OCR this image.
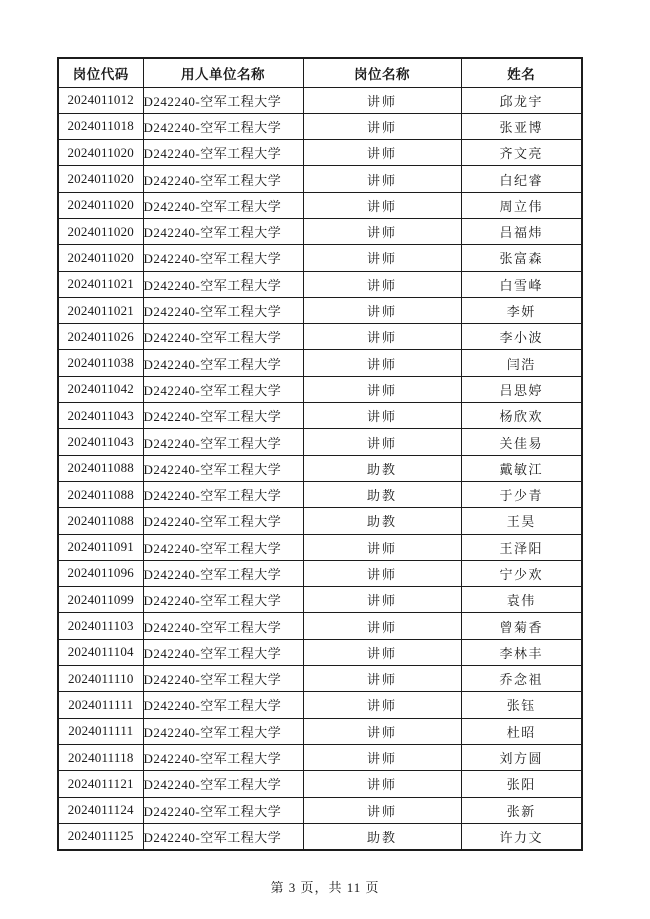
岗位代码	用人单位名称	岗位名称	姓名
2024011012	D242240-空军工程大学	讲师	邱龙宇
2024011018	D242240-空军工程大学	讲师	张亚博
2024011020	D242240-空军工程大学	讲师	齐文亮
2024011020	D242240-空军工程大学	讲师	白纪睿
2024011020	D242240-空军工程大学	讲师	周立伟
2024011020	D242240-空军工程大学	讲师	吕福炜
2024011020	D242240-空军工程大学	讲师	张富森
2024011021	D242240-空军工程大学	讲师	白雪峰
2024011021	D242240-空军工程大学	讲师	李妍
2024011026	D242240-空军工程大学	讲师	李小波
2024011038	D242240-空军工程大学	讲师	闫浩
2024011042	D242240-空军工程大学	讲师	吕思婷
2024011043	D242240-空军工程大学	讲师	杨欣欢
2024011043	D242240-空军工程大学	讲师	关佳易
2024011088	D242240-空军工程大学	助教	戴敏江
2024011088	D242240-空军工程大学	助教	于少青
2024011088	D242240-空军工程大学	助教	王昊
2024011091	D242240-空军工程大学	讲师	王泽阳
2024011096	D242240-空军工程大学	讲师	宁少欢
2024011099	D242240-空军工程大学	讲师	袁伟
2024011103	D242240-空军工程大学	讲师	曾菊香
2024011104	D242240-空军工程大学	讲师	李林丰
2024011110	D242240-空军工程大学	讲师	乔念祖
2024011111	D242240-空军工程大学	讲师	张钰
2024011111	D242240-空军工程大学	讲师	杜昭
2024011118	D242240-空军工程大学	讲师	刘方圆
2024011121	D242240-空军工程大学	讲师	张阳
2024011124	D242240-空军工程大学	讲师	张新
2024011125	D242240-空军工程大学	助教	许力文
第 3 页，共 11 页
